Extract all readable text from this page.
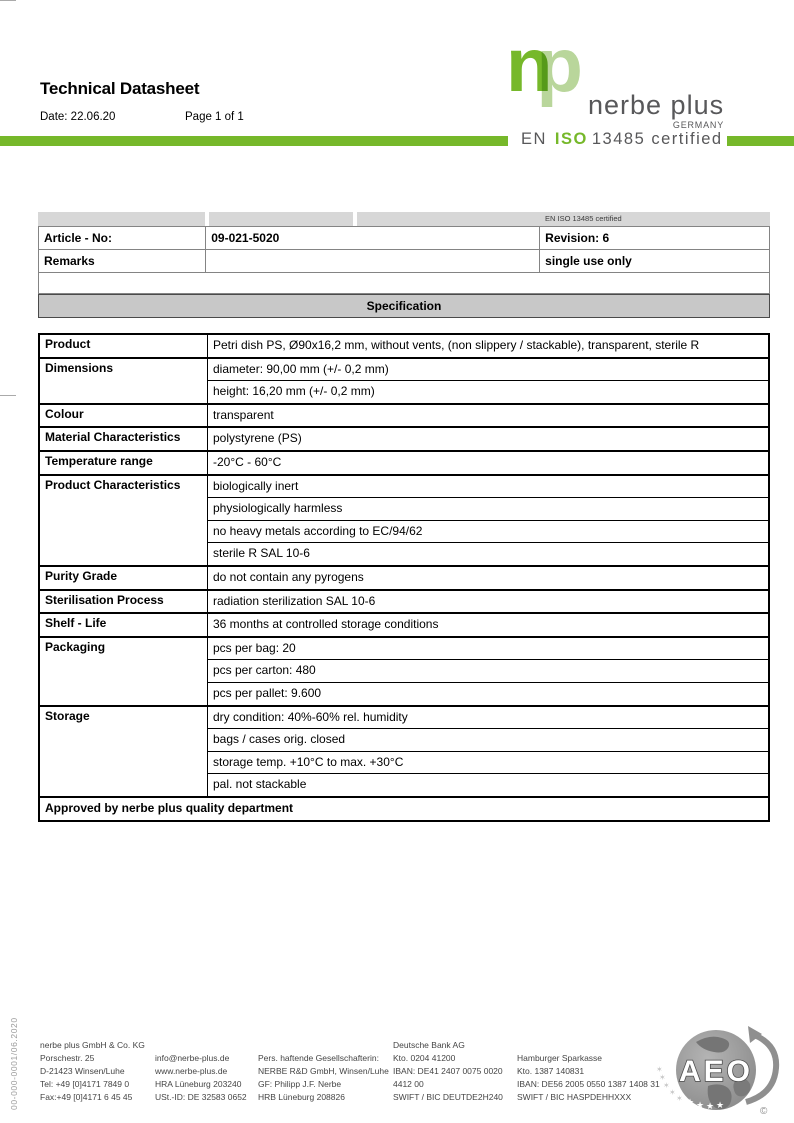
00-000-0001/06.2020
Technical Datasheet
Date: 22.06.20	Page 1 of 1
np nerbe plus
GERMANY
EN ISO 13485 certified
EN ISO 13485 certified
Article - No:	09-021-5020	Revision: 6
Remarks		single use only
Specification
Product	Petri dish PS, Ø90x16,2 mm, without vents, (non slippery / stackable), transparent, sterile R
Dimensions	diameter: 90,00 mm (+/- 0,2 mm)
height: 16,20 mm (+/- 0,2 mm)
Colour	transparent
Material Characteristics	polystyrene (PS)
Temperature range	-20°C - 60°C
Product Characteristics	biologically inert
physiologically harmless
no heavy metals according to EC/94/62
sterile R SAL 10-6
Purity Grade	do not contain any pyrogens
Sterilisation Process	radiation sterilization SAL 10-6
Shelf - Life	36 months at controlled storage conditions
Packaging	pcs per bag: 20
pcs per carton: 480
pcs per pallet: 9.600
Storage	dry condition: 40%-60% rel. humidity
bags / cases orig. closed
storage temp. +10°C to max. +30°C
pal. not stackable
Approved by nerbe plus quality department
nerbe plus GmbH & Co. KG
Porschestr. 25
D-21423 Winsen/Luhe
Tel: +49 [0]4171 7849 0
Fax:+49 [0]4171 6 45 45
info@nerbe-plus.de
www.nerbe-plus.de
HRA Lüneburg 203240
USt.-ID: DE 32583 0652
Pers. haftende Gesellschafterin:
NERBE R&D GmbH, Winsen/Luhe
GF: Philipp J.F. Nerbe
HRB Lüneburg 208826
Deutsche Bank AG
Kto. 0204 41200
IBAN: DE41 2407 0075 0020
4412 00
SWIFT / BIC DEUTDE2H240
Hamburger Sparkasse
Kto. 1387 140831
IBAN: DE56 2005 0550 1387 1408 31
SWIFT / BIC HASPDEHHXXX
AEO
✶
✶
✶
✶
✶ ★ ★ ★ ★
©
